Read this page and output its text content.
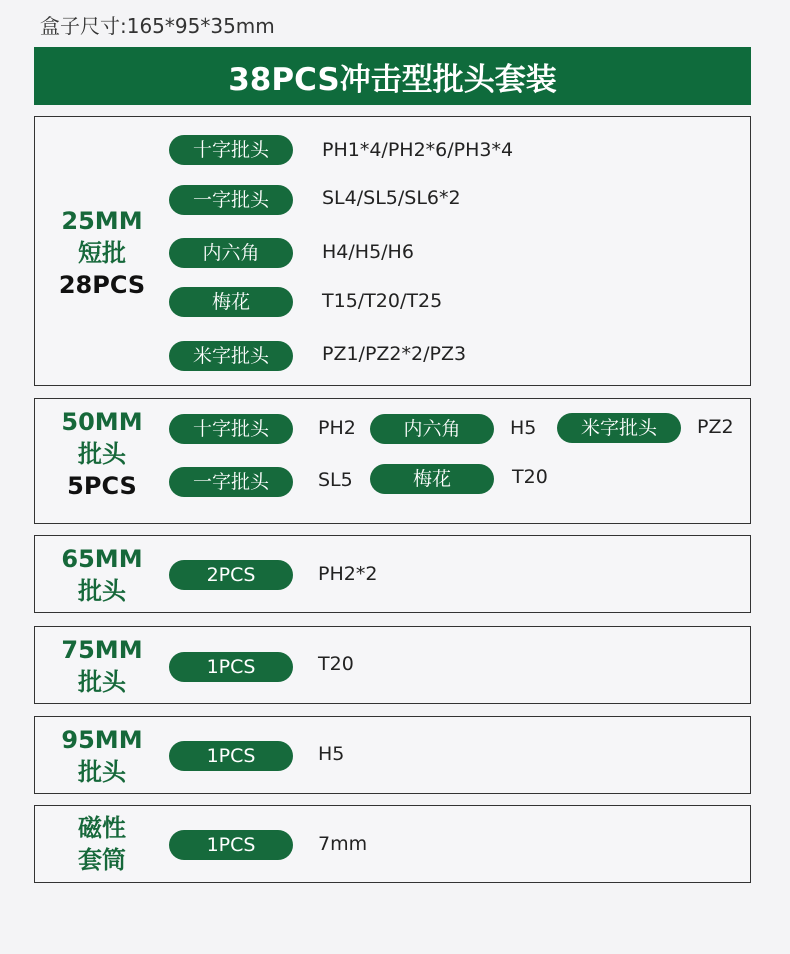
盒子尺寸:165*95*35mm
38PCS冲击型批头套装
25MM
短批
28PCS
十字批头	PH1*4/PH2*6/PH3*4
一字批头	SL4/SL5/SL6*2
内六角	H4/H5/H6
梅花	T15/T20/T25
米字批头	PZ1/PZ2*2/PZ3
50MM
批头
5PCS
十字批头	PH2	内六角	H5	米字批头	PZ2
一字批头	SL5	梅花	T20
65MM
批头
2PCS	PH2*2
75MM
批头
1PCS	T20
95MM
批头
1PCS	H5
磁性
套筒
1PCS	7mm
